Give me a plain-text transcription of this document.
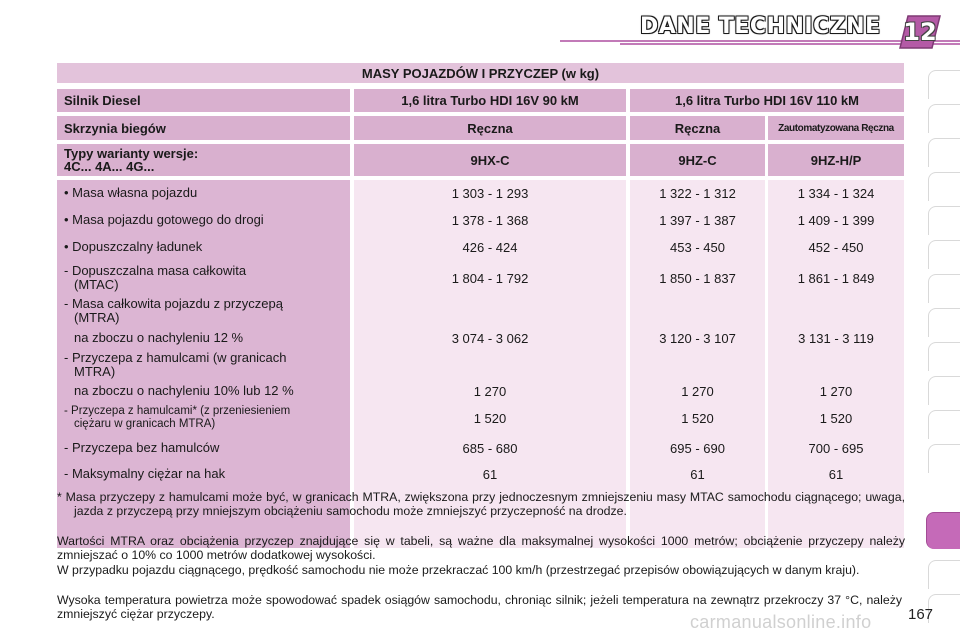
DANE TECHNICZNE 12
MASY POJAZDÓW I PRZYCZEP (w kg)
Silnik Diesel	1,6 litra Turbo HDI 16V 90 kM	1,6 litra Turbo HDI 16V 110 kM
Skrzynia biegów	Ręczna	Ręczna	Zautomatyzowana Ręczna
Typy warianty wersje:
4C... 4A... 4G...	9HX-C	9HZ-C	9HZ-H/P
• Masa własna pojazdu	1 303 - 1 293	1 322 - 1 312	1 334 - 1 324
• Masa pojazdu gotowego do drogi	1 378 - 1 368	1 397 - 1 387	1 409 - 1 399
• Dopuszczalny ładunek	426 - 424	453 - 450	452 - 450
- Dopuszczalna masa całkowita
(MTAC)	1 804 - 1 792	1 850 - 1 837	1 861 - 1 849
- Masa całkowita pojazdu z przyczepą
(MTRA)
na zboczu o nachyleniu 12 %	3 074 - 3 062	3 120 - 3 107	3 131 - 3 119
- Przyczepa z hamulcami (w granicach
MTRA)
na zboczu o nachyleniu 10% lub 12 %	1 270	1 270	1 270
- Przyczepa z hamulcami* (z przeniesieniem
ciężaru w granicach MTRA)	1 520	1 520	1 520
- Przyczepa bez hamulców	685 - 680	695 - 690	700 - 695
- Maksymalny ciężar na hak	61	61	61
* Masa przyczepy z hamulcami może być, w granicach MTRA, zwiększona przy jednoczesnym zmniejszeniu masy MTAC samochodu ciągnącego; uwaga, jazda z przyczepą przy mniejszym obciążeniu samochodu może zmniejszyć przyczepność na drodze.
Wartości MTRA oraz obciążenia przyczep znajdujące się w tabeli, są ważne dla maksymalnej wysokości 1000 metrów; obciążenie przyczepy należy zmniejszać o 10% co 1000 metrów dodatkowej wysokości.
W przypadku pojazdu ciągnącego, prędkość samochodu nie może przekraczać 100 km/h (przestrzegać przepisów obowiązujących w danym kraju).
Wysoka temperatura powietrza może spowodować spadek osiągów samochodu, chroniąc silnik; jeżeli temperatura na zewnątrz przekroczy 37 °C, należy zmniejszyć ciężar przyczepy.	carmanualsonline.info 167
